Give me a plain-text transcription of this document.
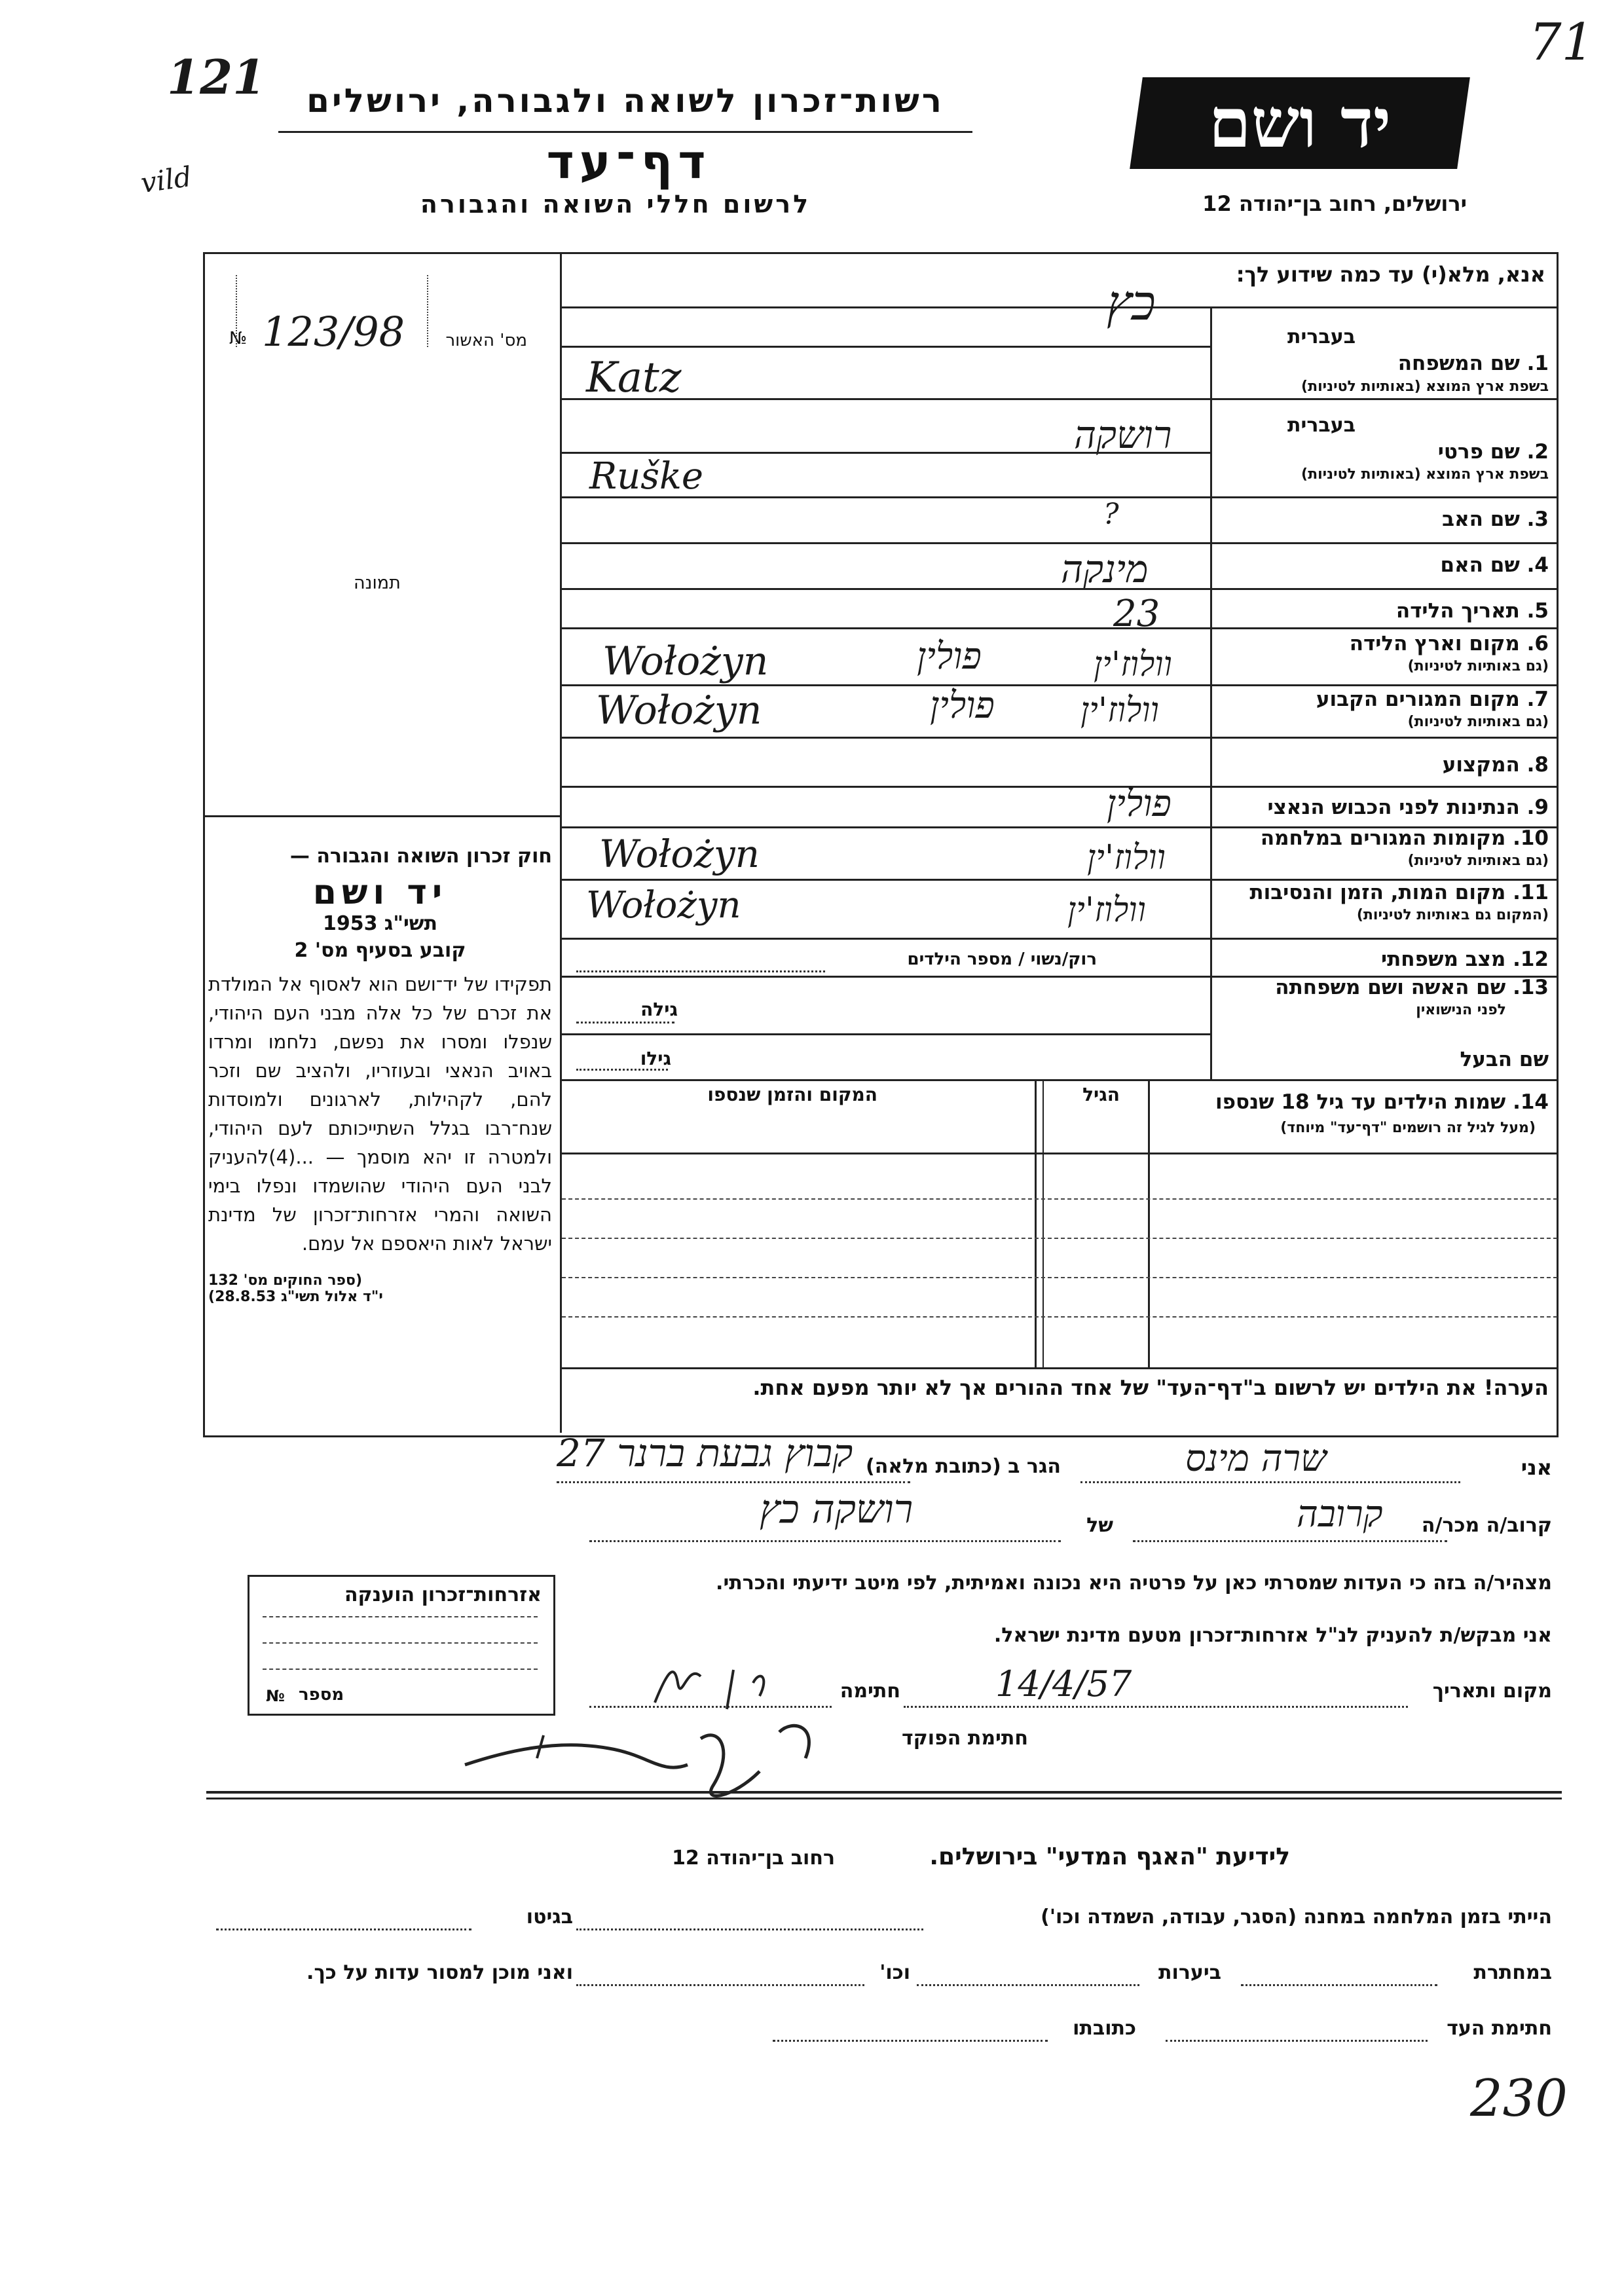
121
71
vild
230
רשות־זכרון לשואה ולגבורה, ירושלים
דף־עד
לרשום חללי השואה והגבורה
יד ושם
ירושלים, רחוב בן־יהודה 12
אנא, מלא(י) עד כמה שידוע לך:
מס' האשור
123/98
№
תמונה
בעברית
1. שם המשפחה
בשפת ארץ המוצא (באותיות לטיניות)
כץ
Katz
בעברית
2. שם פרטי
בשפת ארץ המוצא (באותיות לטיניות)
רושקה
Ruške
3. שם האב
?
4. שם האם
מינקה
5. תאריך הלידה
23
6. מקום וארץ הלידה
(גם באותיות לטיניות)
Wołożyn	פולין	וולוז'ין
7. מקום המגורים הקבוע
(גם באותיות לטיניות)
Wołożyn	פולין	וולוז'ין
8. המקצוע
9. הנתינות לפני הכבוש הנאצי
פולין
10. מקומות המגורים במלחמה
(גם באותיות לטיניות)
Wołożyn	וולוז'ין
11. מקום המות, הזמן והנסיבות
(המקום גם באותיות לטיניות)
Wołożyn	וולוז'ין
12. מצב משפחתי
רוק/נשוי / מספר הילדים
13. שם האשה ושם משפחתה
לפני הנישואין
גילה
שם הבעל
גילו
14. שמות הילדים עד גיל 18 שנספו
(מעל לגיל זה רושמים "דף־עד" מיוחד)
הגיל
המקום והזמן שנספו
הערה! את הילדים יש לרשום ב"דף־העד" של אחד ההורים אך לא יותר מפעם אחת.
חוק זכרון השואה והגבורה —
יד ושם
תשי"ג 1953
קובע בסעיף מס' 2
תפקידו של יד־ושם הוא לאסוף אל המולדת את זכרם של כל אלה מבני העם היהודי, שנפלו ומסרו את נפשם, נלחמו ומרדו באויב הנאצי ובעוזריו, ולהציב שם וזכר להם, לקהילות, לארגונים ולמוסדות שנח־רבו בגלל השתייכותם לעם היהודי, ולמטרה זו יהא מוסמך — ...(4)להעניק לבני העם היהודי שהושמדו ונפלו בימי השואה והמרי אזרחות־זכרון של מדינת ישראל לאות היאספם אל עמם.
(ספר החוקים מס' 132
י"ד אלול תשי"ג 28.8.53)
אני
שרה מינס
הגר ב (כתובת מלאה)
קבוץ גבעת ברנר 27
קרוב/ה מכר/ה
קרובה
של
רושקה כץ
מצהיר/ה בזה כי העדות שמסרתי כאן על פרטיה היא נכונה ואמיתית, לפי מיטב ידיעתי והכרתי.
אני מבקש/ת להעניק לנ"ל אזרחות־זכרון מטעם מדינת ישראל.
מקום ותאריך
14/4/57
חתימה
חתימת הפוקד
אזרחות־זכרון הוענקה
№ מספר
לידיעת "האגף המדעי" בירושלים.
רחוב בן־יהודה 12
הייתי בזמן המלחמה במחנה (הסגר, עבודה, השמדה וכו')
בגיטו
במחתרת
ביערות
וכו'
ואני מוכן למסור עדות על כך.
חתימת העד
כתובתו
